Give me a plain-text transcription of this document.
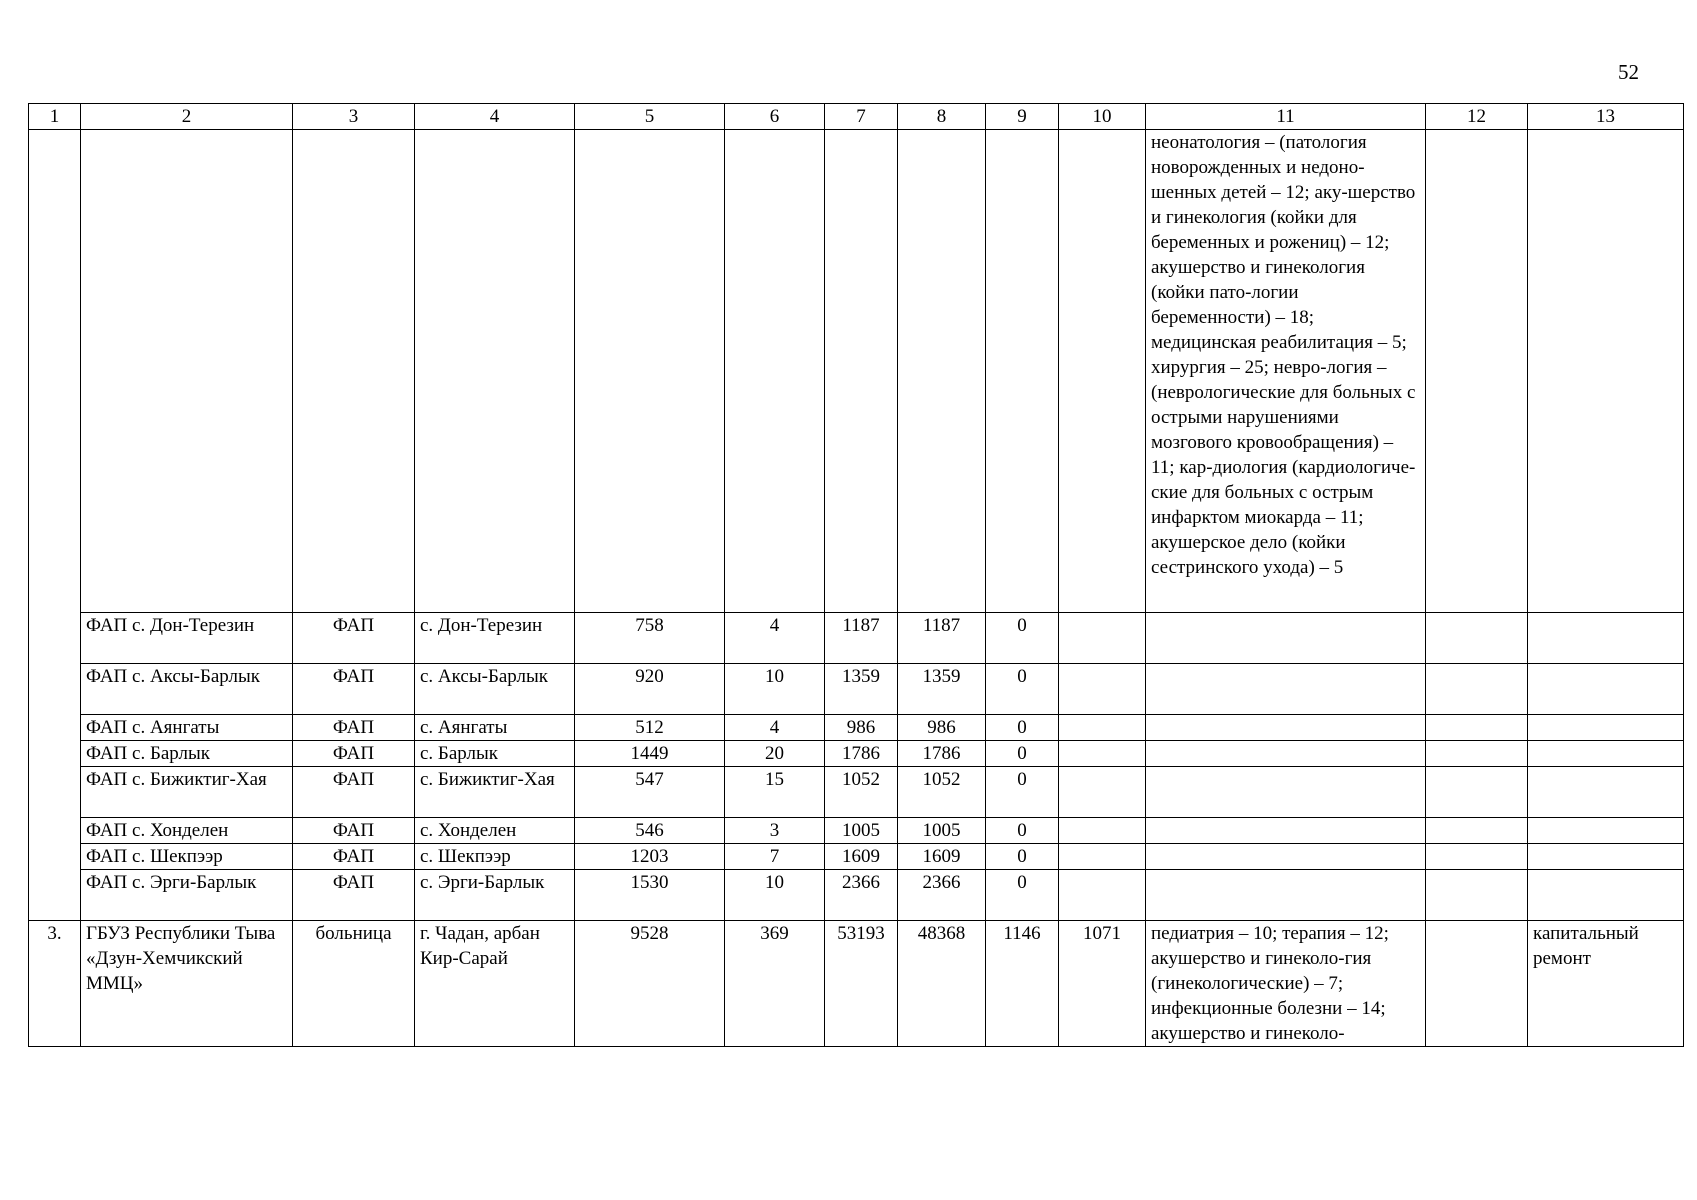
52
1	2	3	4	5	6	7	8	9	10	11	12	13
										неонатология – (патология новорожденных и недоно-шенных детей – 12; аку-шерство и гинекология (койки для беременных и рожениц) – 12; акушерство и гинекология (койки пато-логии беременности) – 18; медицинская реабилитация – 5; хирургия – 25; невро-логия – (неврологические для больных с острыми нарушениями мозгового кровообращения) – 11; кар-диология (кардиологиче-ские для больных с острым инфарктом миокарда – 11; акушерское дело (койки сестринского ухода) – 5		
	ФАП с. Дон-Терезин	ФАП	с. Дон-Терезин	758	4	1187	1187	0				
	ФАП с. Аксы-Барлык	ФАП	с. Аксы-Барлык	920	10	1359	1359	0				
	ФАП с. Аянгаты	ФАП	с. Аянгаты	512	4	986	986	0				
	ФАП с. Барлык	ФАП	с. Барлык	1449	20	1786	1786	0				
	ФАП с. Бижиктиг-Хая	ФАП	с. Бижиктиг-Хая	547	15	1052	1052	0				
	ФАП с. Хонделен	ФАП	с. Хонделен	546	3	1005	1005	0				
	ФАП с. Шекпээр	ФАП	с. Шекпээр	1203	7	1609	1609	0				
	ФАП с. Эрги-Барлык	ФАП	с. Эрги-Барлык	1530	10	2366	2366	0				
3.	ГБУЗ Республики Тыва «Дзун-Хемчикский ММЦ»	больница	г. Чадан, арбан Кир-Сарай	9528	369	53193	48368	1146	1071	педиатрия – 10; терапия – 12; акушерство и гинеколо-гия (гинекологические) – 7; инфекционные болезни – 14; акушерство и гинеколо-		капитальный ремонт
